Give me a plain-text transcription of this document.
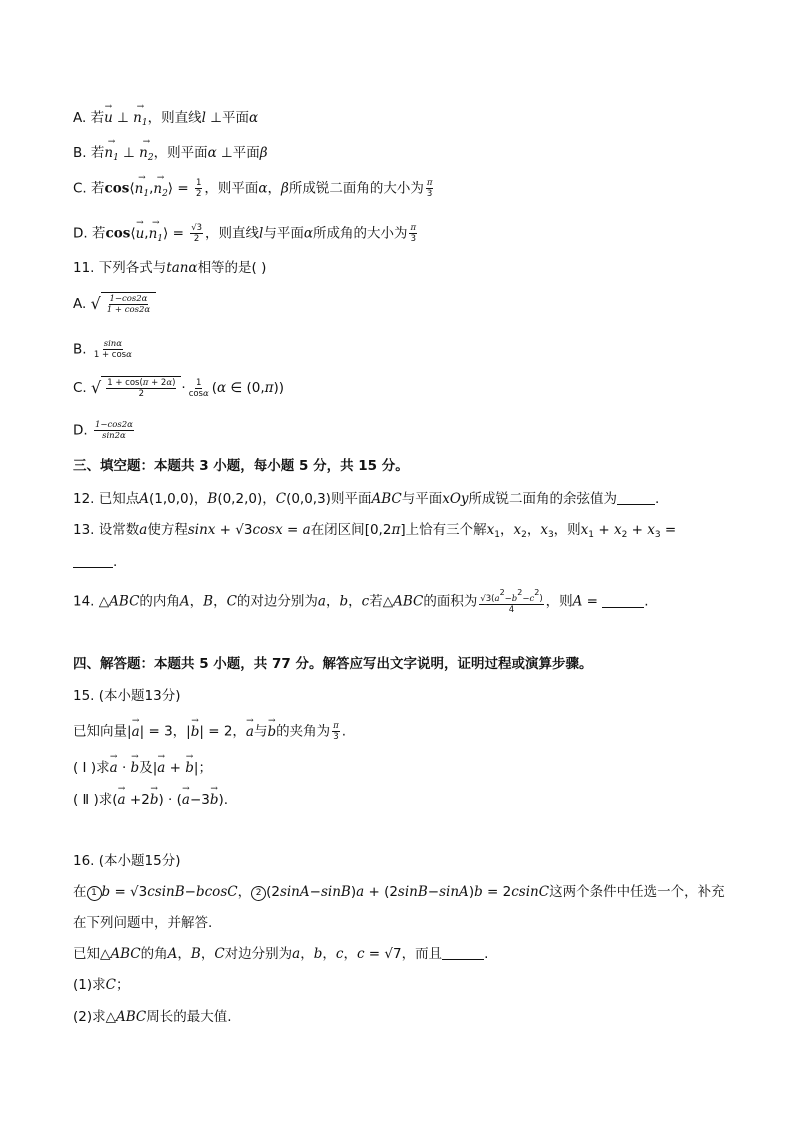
A. 若→ u ⊥ → $n_1$，则直线l ⊥平面α
B. 若→ $n_1$ ⊥ → $n_2$，则平面α ⊥平面β
C. 若cos⟨→ $n_1,\to$ $n_2⟩ = \frac{1}{2}$ ，则平面α，β所成锐二面角的大小为 $\frac{\pi}{3}$
D. 若cos⟨→ $u,\to n_1⟩ = \frac{√3}{2}$ ，则直线l与平面α所成角的大小为 $\frac{\pi}{3}$
11. 下列各式与tanα相等的是( )
A. √ $\frac{1-\cos 2\alpha}{1 + \cos 2\alpha}$
B. $\frac{\sin\alpha}{1 + \cos\alpha}$
C. √ $\frac{1 + \cos(\pi + 2\alpha)}{2} \cdot \frac{1}{\cos\alpha} (\alpha$ ∈ (0,π))
D. $\frac{1-\cos 2\alpha}{\sin 2\alpha}$
三、填空题：本题共 3 小题，每小题 5 分，共 15 分。
12. 已知点A(1,0,0)，B(0,2,0)，C(0,0,3)则平面ABC与平面xOy所成锐二面角的余弦值为	.
13. 设常数a使方程sinx + √3cosx = a在闭区间[0,2π]上恰有三个解$x_1$，$x_2$，$x_3$，则$x_1 + x_2 + x_3$ =
.
14. △ABC的内角A，B，C的对边分别为a，b，c若△ABC的面积为 $\frac{√3(a2-b2-c2)}{4}$ ，则A =	.
四、解答题：本题共 5 小题，共 77 分。解答应写出文字说明，证明过程或演算步骤。
15. (本小题13分)
已知向量|→ a| = 3，|→ b| = 2，→ a与→ b的夹角为 $\frac{\pi}{3}$ .
( Ⅰ )求→ a · → b及|→ a + → b|；
( Ⅱ )求(→ a +2→ b) · (→ a−3→ b).
16. (本小题15分)
在 1 b = √3csinB−bcosC， 2 (2sinA−sinB)a + (2sinB−sinA)b = 2csinC这两个条件中任选一个，补充
在下列问题中，并解答.
已知△ABC的角A，B，C对边分别为a，b，c，c = √7，而且	.
(1)求C；
(2)求△ABC周长的最大值.
